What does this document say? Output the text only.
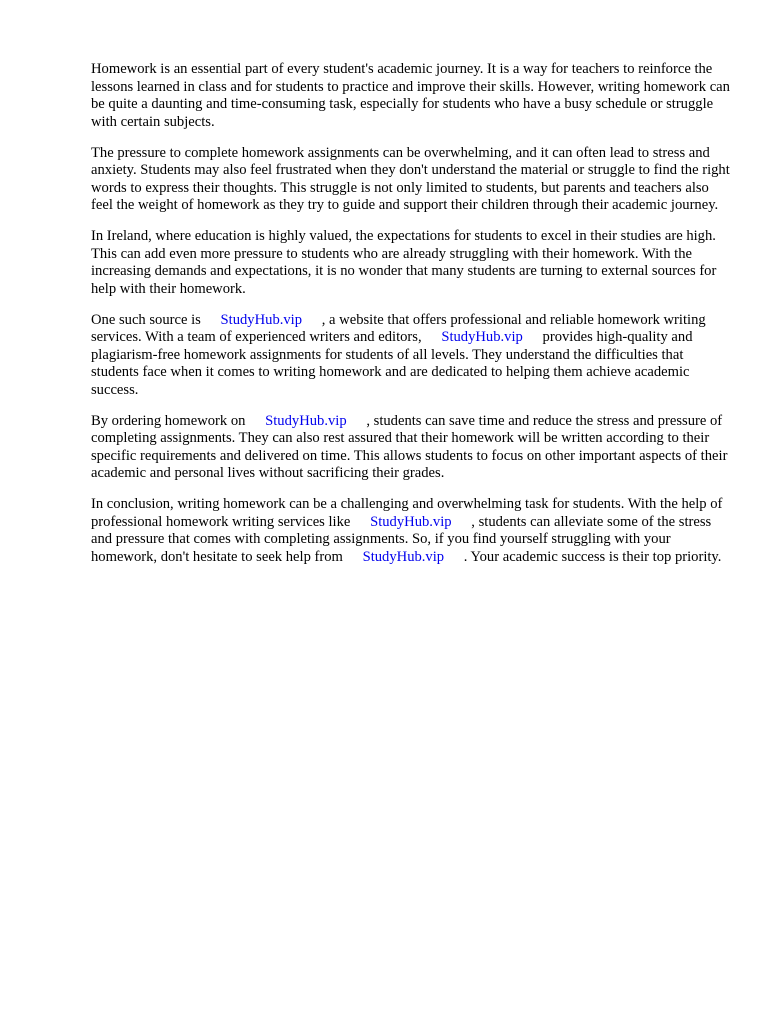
Homework is an essential part of every student's academic journey. It is a way for teachers to reinforce the lessons learned in class and for students to practice and improve their skills. However, writing homework can be quite a daunting and time-consuming task, especially for students who have a busy schedule or struggle with certain subjects.

The pressure to complete homework assignments can be overwhelming, and it can often lead to stress and anxiety. Students may also feel frustrated when they don't understand the material or struggle to find the right words to express their thoughts. This struggle is not only limited to students, but parents and teachers also feel the weight of homework as they try to guide and support their children through their academic journey.

In Ireland, where education is highly valued, the expectations for students to excel in their studies are high. This can add even more pressure to students who are already struggling with their homework. With the increasing demands and expectations, it is no wonder that many students are turning to external sources for help with their homework.

One such source is StudyHub.vip , a website that offers professional and reliable homework writing services. With a team of experienced writers and editors, StudyHub.vip provides high-quality and plagiarism-free homework assignments for students of all levels. They understand the difficulties that students face when it comes to writing homework and are dedicated to helping them achieve academic success.

By ordering homework on StudyHub.vip , students can save time and reduce the stress and pressure of completing assignments. They can also rest assured that their homework will be written according to their specific requirements and delivered on time. This allows students to focus on other important aspects of their academic and personal lives without sacrificing their grades.

In conclusion, writing homework can be a challenging and overwhelming task for students. With the help of professional homework writing services like StudyHub.vip , students can alleviate some of the stress and pressure that comes with completing assignments. So, if you find yourself struggling with your homework, don't hesitate to seek help from StudyHub.vip . Your academic success is their top priority.
